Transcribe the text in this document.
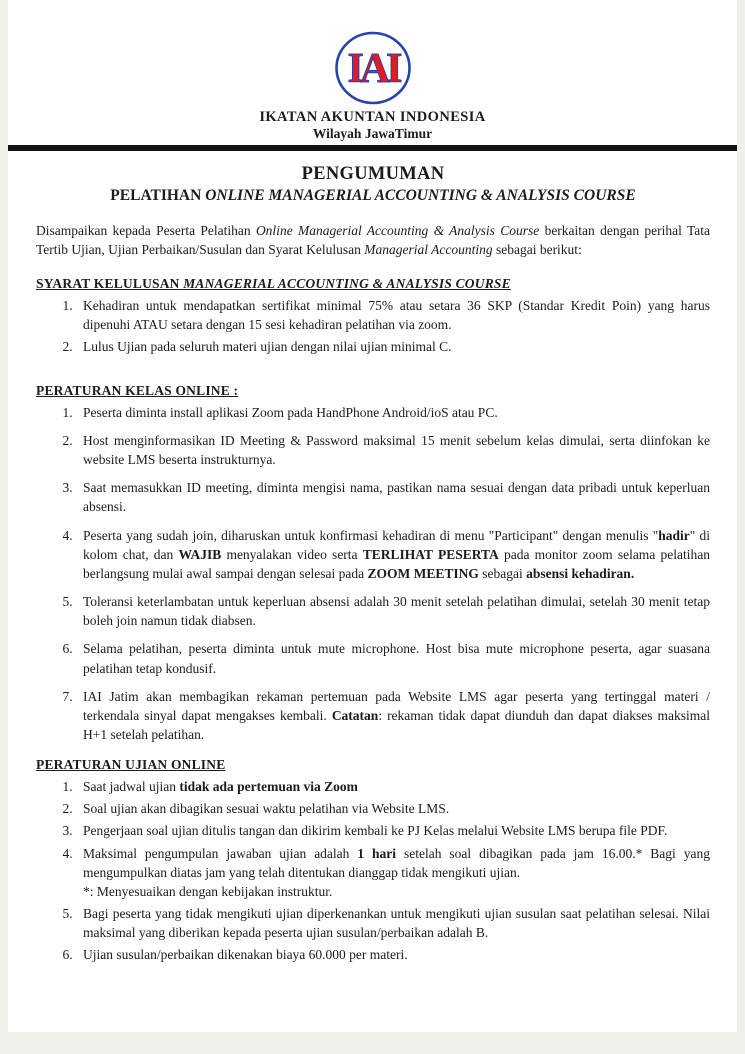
IAI
IKATAN AKUNTAN INDONESIA
Wilayah JawaTimur
PENGUMUMAN
PELATIHAN ONLINE MANAGERIAL ACCOUNTING & ANALYSIS COURSE

Disampaikan kepada Peserta Pelatihan Online Managerial Accounting & Analysis Course berkaitan dengan perihal Tata Tertib Ujian, Ujian Perbaikan/Susulan dan Syarat Kelulusan Managerial Accounting sebagai berikut:

SYARAT KELULUSAN MANAGERIAL ACCOUNTING & ANALYSIS COURSE
1. Kehadiran untuk mendapatkan sertifikat minimal 75% atau setara 36 SKP (Standar Kredit Poin) yang harus dipenuhi ATAU setara dengan 15 sesi kehadiran pelatihan via zoom.
2. Lulus Ujian pada seluruh materi ujian dengan nilai ujian minimal C.
PERATURAN KELAS ONLINE :
1. Peserta diminta install aplikasi Zoom pada HandPhone Android/ioS atau PC.
2. Host menginformasikan ID Meeting & Password maksimal 15 menit sebelum kelas dimulai, serta diinfokan ke website LMS beserta instrukturnya.
3. Saat memasukkan ID meeting, diminta mengisi nama, pastikan nama sesuai dengan data pribadi untuk keperluan absensi.
4. Peserta yang sudah join, diharuskan untuk konfirmasi kehadiran di menu "Participant" dengan menulis "hadir" di kolom chat, dan WAJIB menyalakan video serta TERLIHAT PESERTA pada monitor zoom selama pelatihan berlangsung mulai awal sampai dengan selesai pada ZOOM MEETING sebagai absensi kehadiran.
5. Toleransi keterlambatan untuk keperluan absensi adalah 30 menit setelah pelatihan dimulai, setelah 30 menit tetap boleh join namun tidak diabsen.
6. Selama pelatihan, peserta diminta untuk mute microphone. Host bisa mute microphone peserta, agar suasana pelatihan tetap kondusif.
7. IAI Jatim akan membagikan rekaman pertemuan pada Website LMS agar peserta yang tertinggal materi / terkendala sinyal dapat mengakses kembali. Catatan: rekaman tidak dapat diunduh dan dapat diakses maksimal H+1 setelah pelatihan.
PERATURAN UJIAN ONLINE
1. Saat jadwal ujian tidak ada pertemuan via Zoom
2. Soal ujian akan dibagikan sesuai waktu pelatihan via Website LMS.
3. Pengerjaan soal ujian ditulis tangan dan dikirim kembali ke PJ Kelas melalui Website LMS berupa file PDF.
4. Maksimal pengumpulan jawaban ujian adalah 1 hari setelah soal dibagikan pada jam 16.00.* Bagi yang mengumpulkan diatas jam yang telah ditentukan dianggap tidak mengikuti ujian.
*: Menyesuaikan dengan kebijakan instruktur.
5. Bagi peserta yang tidak mengikuti ujian diperkenankan untuk mengikuti ujian susulan saat pelatihan selesai. Nilai maksimal yang diberikan kepada peserta ujian susulan/perbaikan adalah B.
6. Ujian susulan/perbaikan dikenakan biaya 60.000 per materi.
